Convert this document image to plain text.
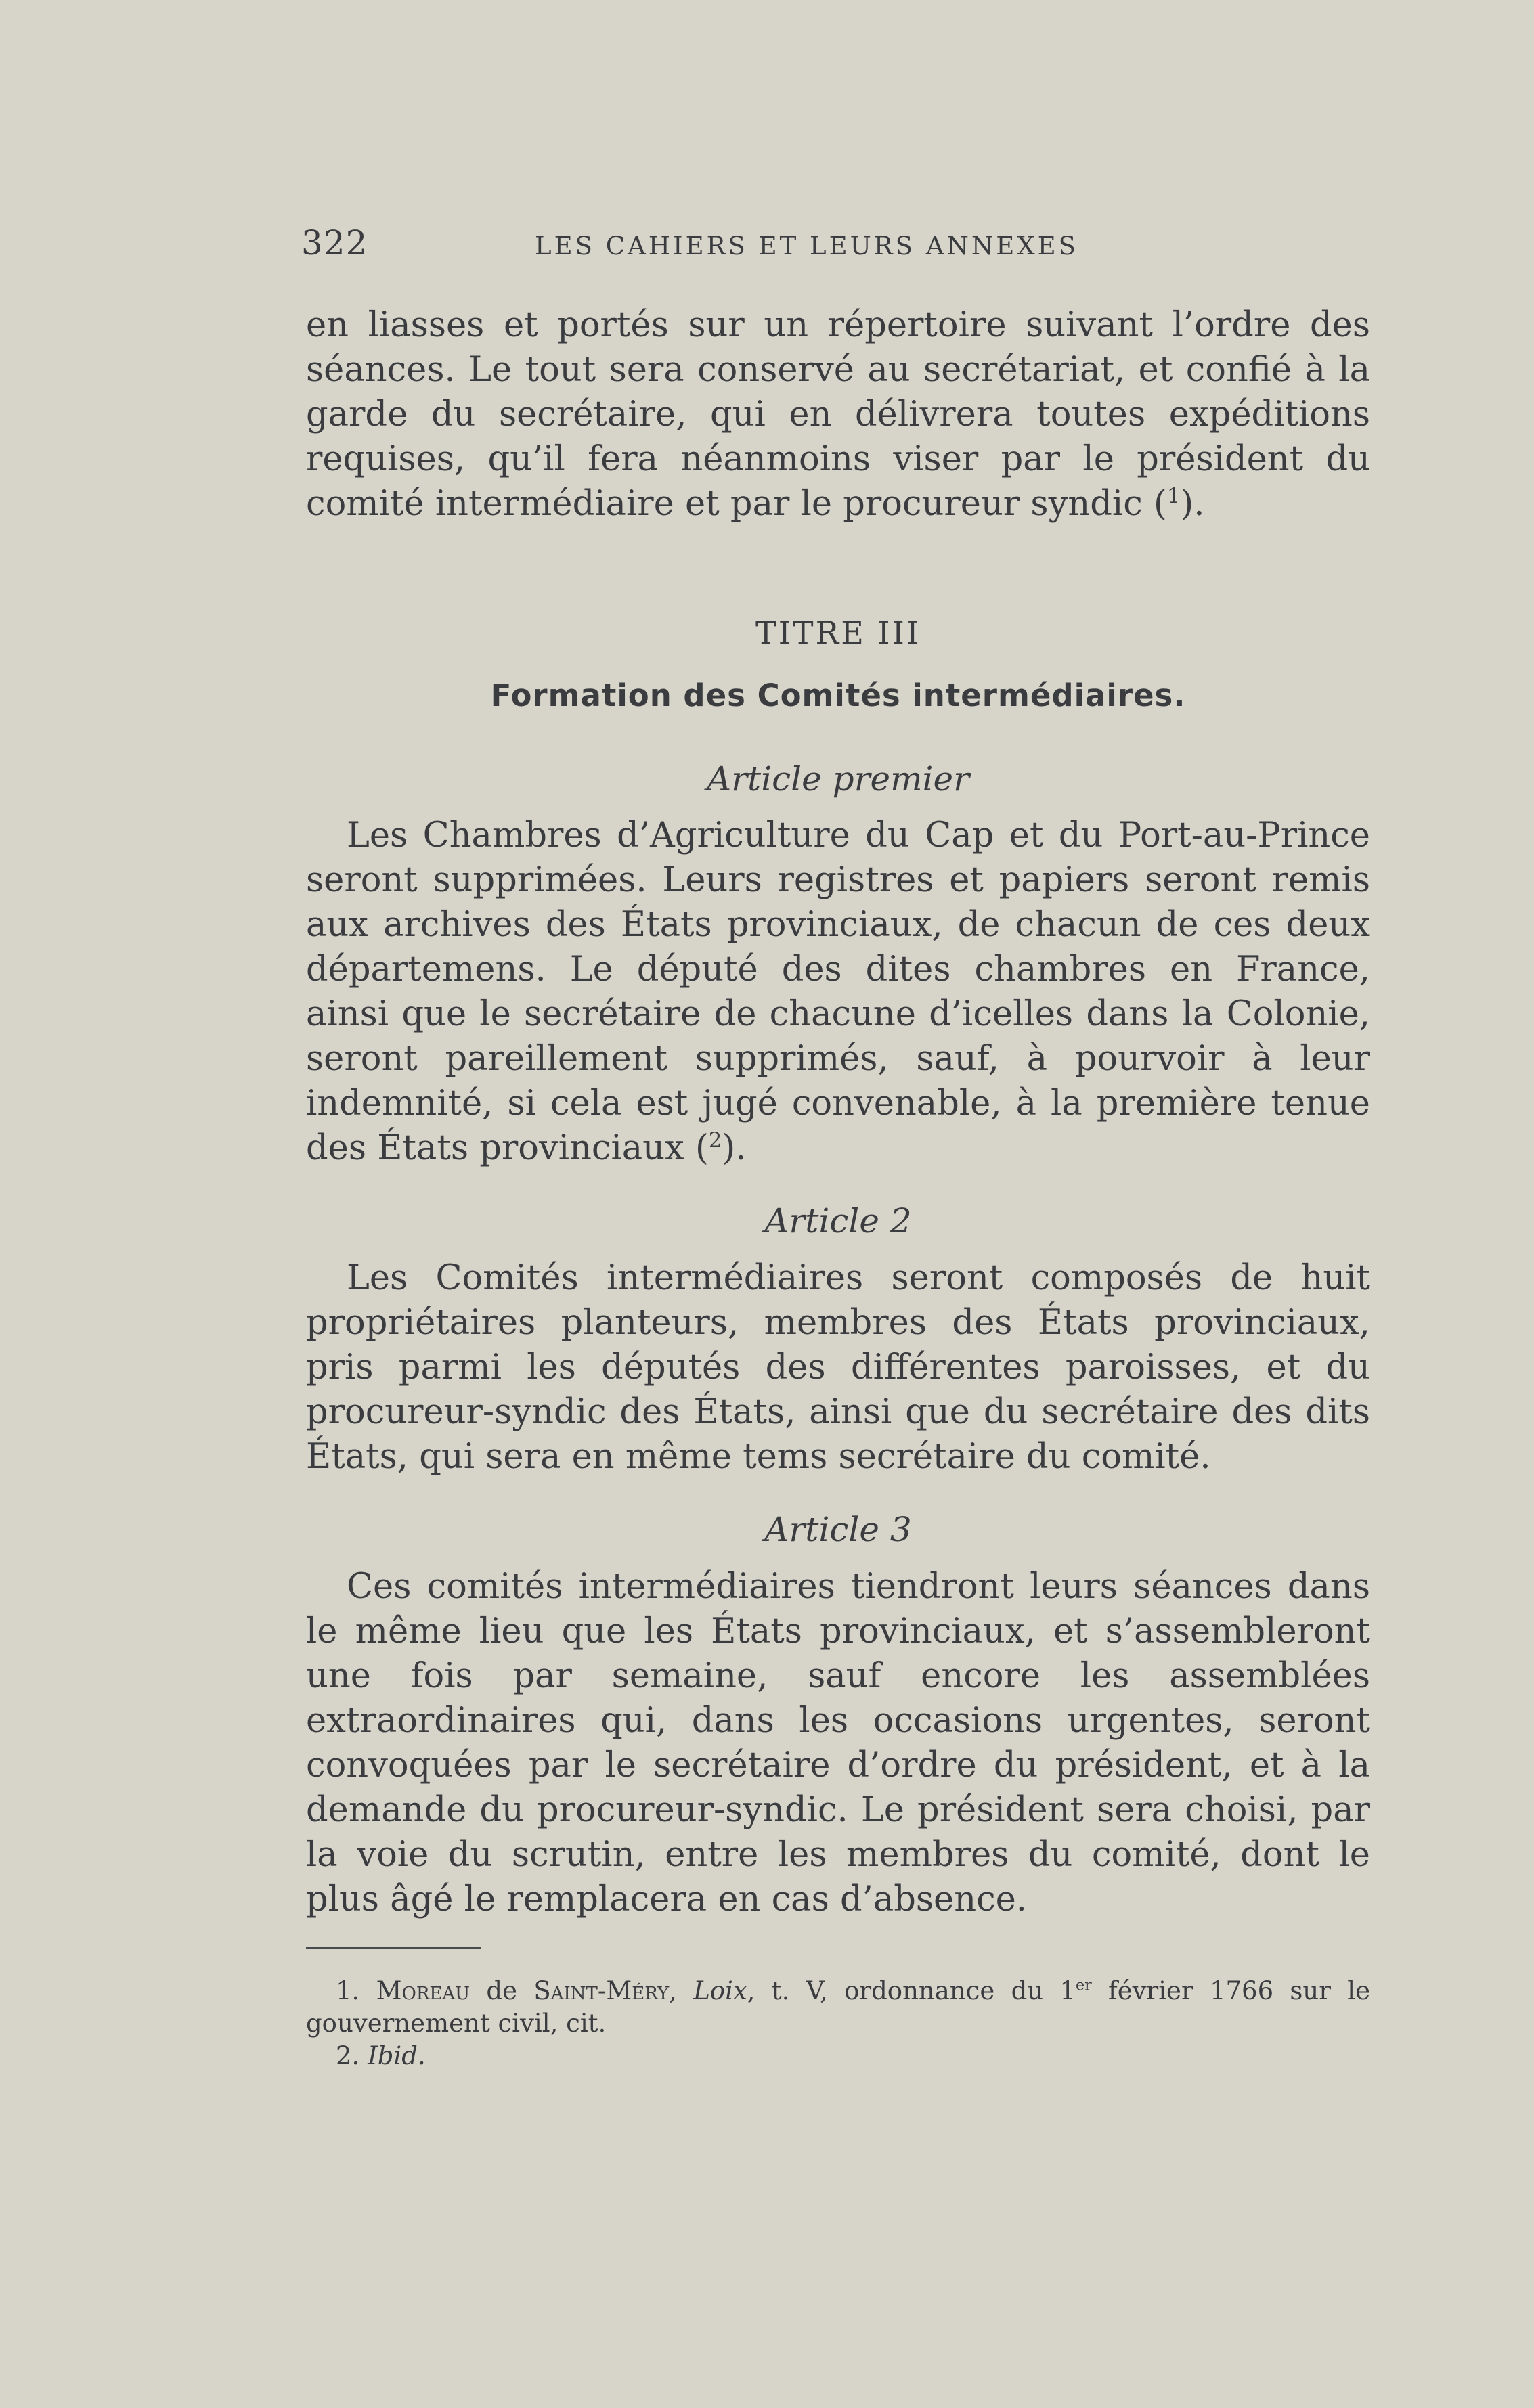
322	LES CAHIERS ET LEURS ANNEXES

en liasses et portés sur un répertoire suivant l’ordre des séances. Le tout sera conservé au secrétariat, et confié à la garde du secrétaire, qui en délivrera toutes expéditions requises, qu’il fera néanmoins viser par le président du comité intermédiaire et par le procureur syndic ($^1$).

TITRE III
Formation des Comités intermédiaires.
Article premier

Les Chambres d’Agriculture du Cap et du Port-au-Prince seront supprimées. Leurs registres et papiers seront remis aux archives des États provinciaux, de chacun de ces deux départemens. Le député des dites chambres en France, ainsi que le secrétaire de chacune d’icelles dans la Colonie, seront pareillement supprimés, sauf, à pourvoir à leur indemnité, si cela est jugé convenable, à la première tenue des États provinciaux ($^2$).

Article 2

Les Comités intermédiaires seront composés de huit propriétaires planteurs, membres des États provinciaux, pris parmi les députés des différentes paroisses, et du procureur-syndic des États, ainsi que du secrétaire des dits États, qui sera en même tems secrétaire du comité.

Article 3

Ces comités intermédiaires tiendront leurs séances dans le même lieu que les États provinciaux, et s’assembleront une fois par semaine, sauf encore les assemblées extraordinaires qui, dans les occasions urgentes, seront convoquées par le secrétaire d’ordre du président, et à la demande du procureur-syndic. Le président sera choisi, par la voie du scrutin, entre les membres du comité, dont le plus âgé le remplacera en cas d’absence.

1. Moreau de Saint-Méry, Loix, t. V, ordonnance du 1er février 1766 sur le gouvernement civil, cit.

2. Ibid.
